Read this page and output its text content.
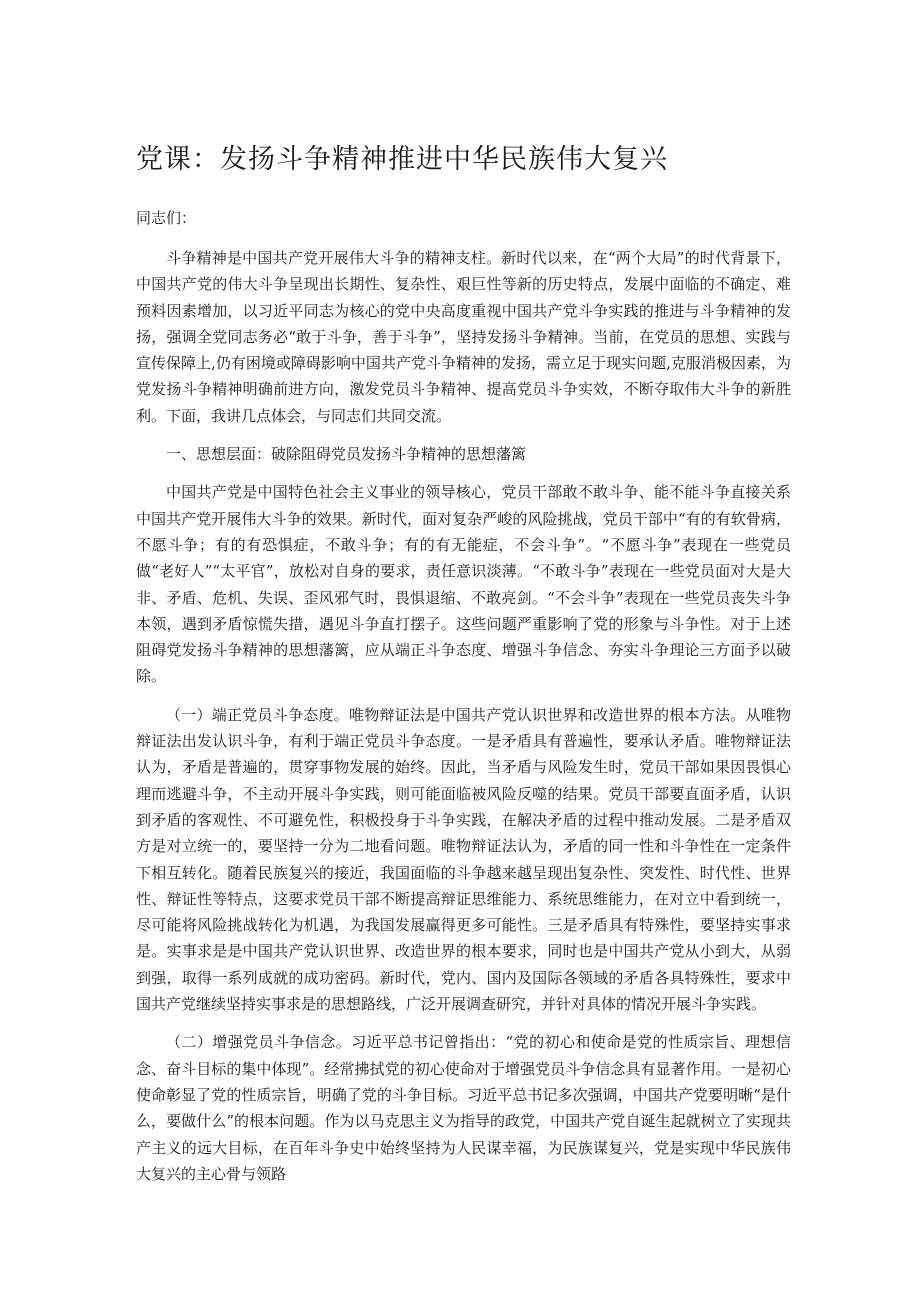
党课：发扬斗争精神推进中华民族伟大复兴

同志们：

斗争精神是中国共产党开展伟大斗争的精神支柱。新时代以来，在“两个大局”的时代背景下，中国共产党的伟大斗争呈现出长期性、复杂性、艰巨性等新的历史特点，发展中面临的不确定、难预料因素增加，以习近平同志为核心的党中央高度重视中国共产党斗争实践的推进与斗争精神的发扬，强调全党同志务必“敢于斗争，善于斗争”，坚持发扬斗争精神。当前，在党员的思想、实践与宣传保障上,仍有困境或障碍影响中国共产党斗争精神的发扬，需立足于现实问题,克服消极因素，为党发扬斗争精神明确前进方向，激发党员斗争精神、提高党员斗争实效，不断夺取伟大斗争的新胜利。下面，我讲几点体会，与同志们共同交流。

一、思想层面：破除阻碍党员发扬斗争精神的思想藩篱

中国共产党是中国特色社会主义事业的领导核心，党员干部敢不敢斗争、能不能斗争直接关系中国共产党开展伟大斗争的效果。新时代，面对复杂严峻的风险挑战，党员干部中“有的有软骨病，不愿斗争；有的有恐惧症，不敢斗争；有的有无能症，不会斗争”。“不愿斗争”表现在一些党员做“老好人”“太平官”，放松对自身的要求，责任意识淡薄。“不敢斗争”表现在一些党员面对大是大非、矛盾、危机、失误、歪风邪气时，畏惧退缩、不敢亮剑。“不会斗争”表现在一些党员丧失斗争本领，遇到矛盾惊慌失措，遇见斗争直打摆子。这些问题严重影响了党的形象与斗争性。对于上述阻碍党发扬斗争精神的思想藩篱，应从端正斗争态度、增强斗争信念、夯实斗争理论三方面予以破除。

（一）端正党员斗争态度。唯物辩证法是中国共产党认识世界和改造世界的根本方法。从唯物辩证法出发认识斗争，有利于端正党员斗争态度。一是矛盾具有普遍性，要承认矛盾。唯物辩证法认为，矛盾是普遍的，贯穿事物发展的始终。因此，当矛盾与风险发生时，党员干部如果因畏惧心理而逃避斗争，不主动开展斗争实践，则可能面临被风险反噬的结果。党员干部要直面矛盾，认识到矛盾的客观性、不可避免性，积极投身于斗争实践，在解决矛盾的过程中推动发展。二是矛盾双方是对立统一的，要坚持一分为二地看问题。唯物辩证法认为，矛盾的同一性和斗争性在一定条件下相互转化。随着民族复兴的接近，我国面临的斗争越来越呈现出复杂性、突发性、时代性、世界性、辩证性等特点，这要求党员干部不断提高辩证思维能力、系统思维能力，在对立中看到统一，尽可能将风险挑战转化为机遇，为我国发展赢得更多可能性。三是矛盾具有特殊性，要坚持实事求是。实事求是是中国共产党认识世界、改造世界的根本要求，同时也是中国共产党从小到大，从弱到强，取得一系列成就的成功密码。新时代，党内、国内及国际各领域的矛盾各具特殊性，要求中国共产党继续坚持实事求是的思想路线，广泛开展调查研究，并针对具体的情况开展斗争实践。

（二）增强党员斗争信念。习近平总书记曾指出：“党的初心和使命是党的性质宗旨、理想信念、奋斗目标的集中体现”。经常拂拭党的初心使命对于增强党员斗争信念具有显著作用。一是初心使命彰显了党的性质宗旨，明确了党的斗争目标。习近平总书记多次强调，中国共产党要明晰“是什么，要做什么”的根本问题。作为以马克思主义为指导的政党，中国共产党自诞生起就树立了实现共产主义的远大目标，在百年斗争史中始终坚持为人民谋幸福，为民族谋复兴，党是实现中华民族伟大复兴的主心骨与领路
